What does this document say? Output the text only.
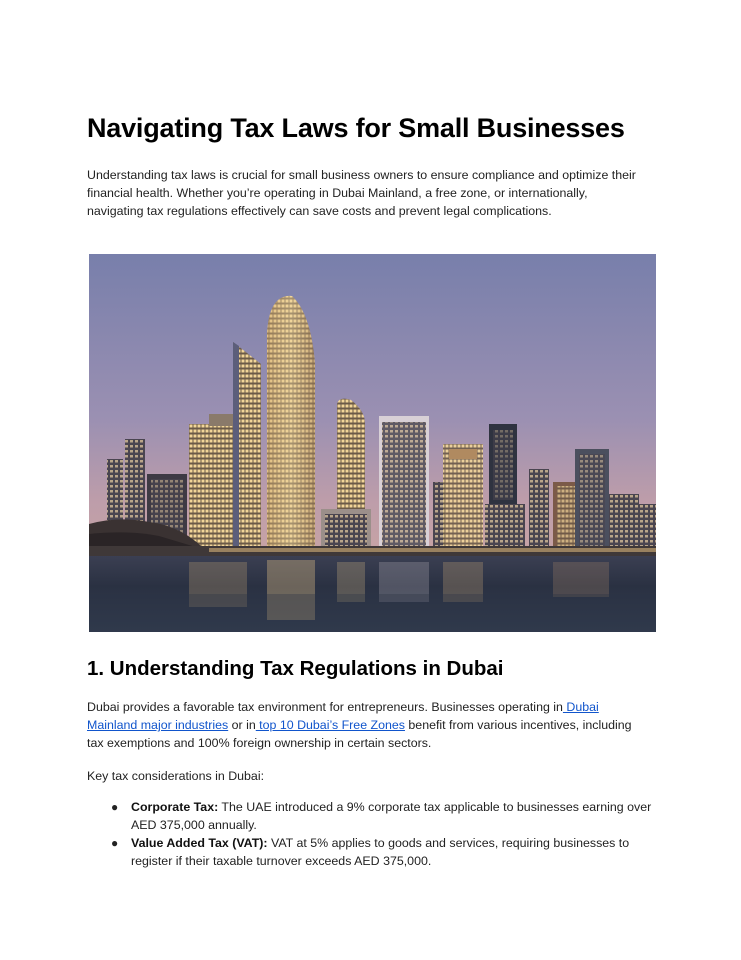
Navigating Tax Laws for Small Businesses

Understanding tax laws is crucial for small business owners to ensure compliance and optimize their financial health. Whether you’re operating in Dubai Mainland, a free zone, or internationally, navigating tax regulations effectively can save costs and prevent legal complications.

1. Understanding Tax Regulations in Dubai

Dubai provides a favorable tax environment for entrepreneurs. Businesses operating in Dubai Mainland major industries or in top 10 Dubai’s Free Zones benefit from various incentives, including tax exemptions and 100% foreign ownership in certain sectors.

Key tax considerations in Dubai:

● Corporate Tax: The UAE introduced a 9% corporate tax applicable to businesses earning over AED 375,000 annually.
● Value Added Tax (VAT): VAT at 5% applies to goods and services, requiring businesses to register if their taxable turnover exceeds AED 375,000.
